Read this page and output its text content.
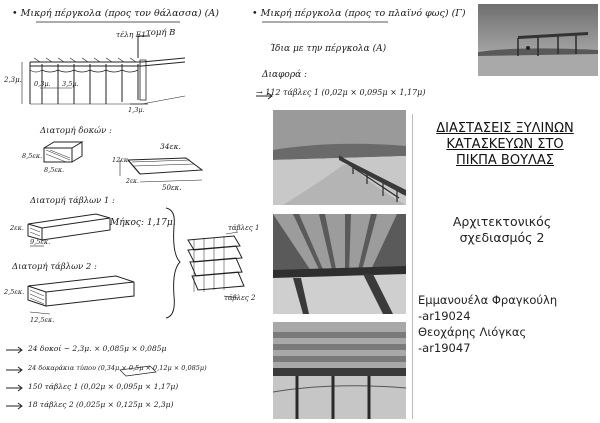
• Μικρή πέργκολα (προς τον θάλασσα) (Α)
τέλη Ε1 τομή Β
2,3μ. 0,3μ. 3,5μ.
1,3μ.
• Μικρή πέργκολα (προς το πλαϊνό φως) (Γ)
Ίδια με την πέργκολα (Α)
Διαφορά :
→ 112 τάβλες 1 (0,02μ × 0,095μ × 1,17μ)
Διατομή δοκών :
8,5εκ.
8,5εκ.
34εκ.
12εκ.
50εκ.
2εκ.
Διατομή τάβλων 1 :
2εκ.
9,5εκ.
Μήκος: 1,17μ.
Διατομή τάβλων 2 :
2,5εκ.
12,5εκ.
τάβλες 1
τάβλες 2
24 δοκοί ~ 2,3μ. × 0,085μ × 0,085μ
24 δοκαράκια τύπου (0,34μ × 0,5μ × 0,12μ × 0,085μ)
150 τάβλες 1 (0,02μ × 0,095μ × 1,17μ)
18 τάβλες 2 (0,025μ × 0,125μ × 2,3μ)
ΔΙΑΣΤΑΣΕΙΣ ΞΥΛΙΝΩΝ
ΚΑΤΑΣΚΕΥΩΝ ΣΤΟ
ΠΙΚΠΑ ΒΟΥΛΑΣ
Αρχιτεκτονικός
σχεδιασμός 2
Εμμανουέλα Φραγκούλη
-ar19024
Θεοχάρης Λιόγκας
-ar19047
